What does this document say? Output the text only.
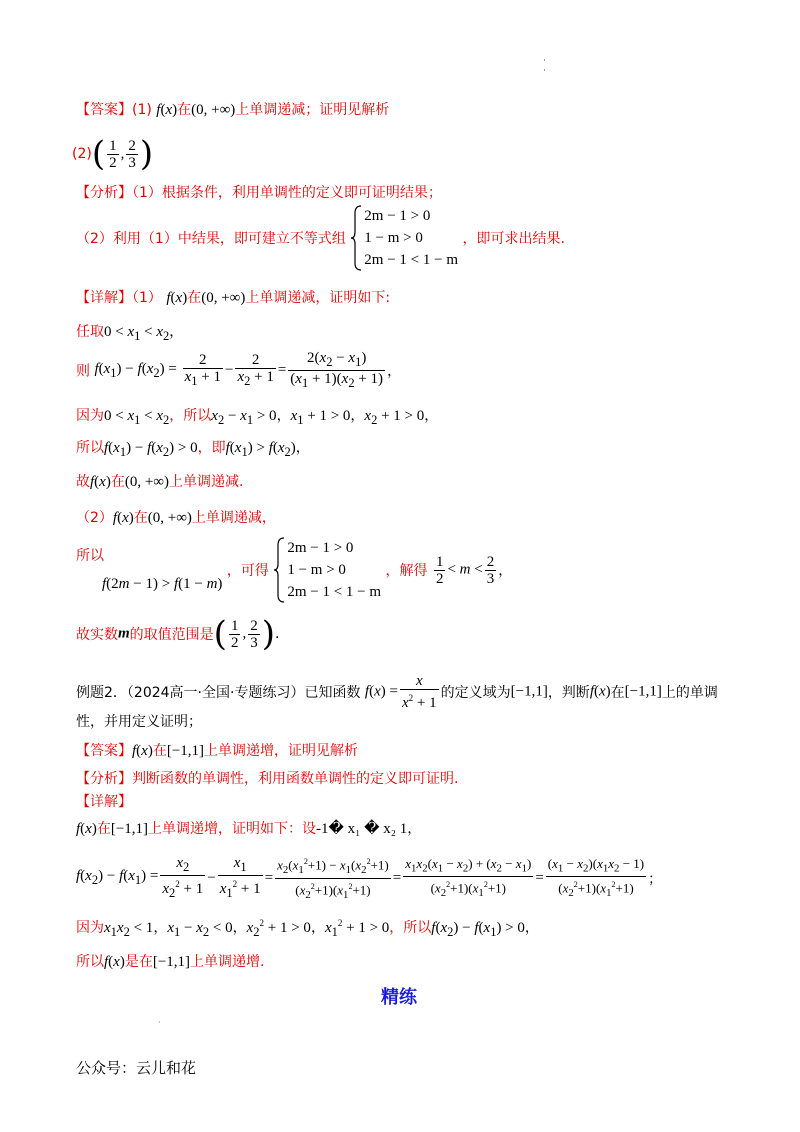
·
·
【答案】(1) f(x)在(0, +∞)上单调递减；证明见解析
$(2)( \frac{1}{2}$ , $\frac{2}{3}$ )
【分析】（1）根据条件，利用单调性的定义即可证明结果；
（2）利用（1）中结果，即可建立不等式组
2m − 1 > 0
1 − m > 0
2m − 1 < 1 − m
，即可求出结果.
【详解】（1） f(x)在(0, +∞)上单调递减，证明如下:
任取$0 < x_1 < x_2$，
则 $f(x_1) - f(x_2) = \frac{2}{x_1 + 1} - \frac{2}{x_2 + 1} = \frac{2(x_2 - x_1)}{(x_1 + 1)(x_2 + 1)}$ ，
因为$0 < x_1 < x_2$，所以$x_2 - x_1 > 0$，$x_1 + 1 > 0$，$x_2 + 1 > 0$，
所以$f(x_1) - f(x_2) > 0$，即$f(x_1) > f(x_2)$，
故f(x)在(0, +∞)上单调递减.
（2）f(x)在(0, +∞)上单调递减，
所以
f(2m − 1) > f(1 − m) ，可得
2m − 1 > 0
1 − m > 0
2m − 1 < 1 − m
，解得 $\frac{1}{2} < m < \frac{2}{3}$ ，
故实数m的取值范围是( $\frac{1}{2}$ , $\frac{2}{3}$ ).
例题2．（2024高一·全国·专题练习）已知函数 $f(x) = \frac{x}{x^2 + 1}$ 的定义域为[−1,1]，判断f(x)在[−1,1]上的单调
性，并用定义证明；
【答案】f(x)在[−1,1]上单调递增，证明见解析
【分析】判断函数的单调性，利用函数单调性的定义即可证明.
【详解】
f(x)在[−1,1]上单调递增，证明如下：设-1� x₁ � x₂ 1，
$f(x_2) - f(x_1) = \frac{x_2}{x_2^2 + 1} - \frac{x_1}{x_1^2 + 1} = \frac{x_2(x_1^2+1) - x_1(x_2^2+1)}{(x_2^2+1)(x_1^2+1)} = \frac{x_1x_2(x_1 - x_2) + (x_2 - x_1)}{(x_2^2+1)(x_1^2+1)} = \frac{(x_1 - x_2)(x_1x_2 - 1)}{(x_2^2+1)(x_1^2+1)}$ ；
因为$x_1x_2 < 1$，$x_1 - x_2 < 0$，$x_2^2 + 1 > 0$，$x_1^2 + 1 > 0$，所以$f(x_2) - f(x_1) > 0$，
所以f(x)是在[−1,1]上单调递增.
精练
·
公众号：云儿和花
